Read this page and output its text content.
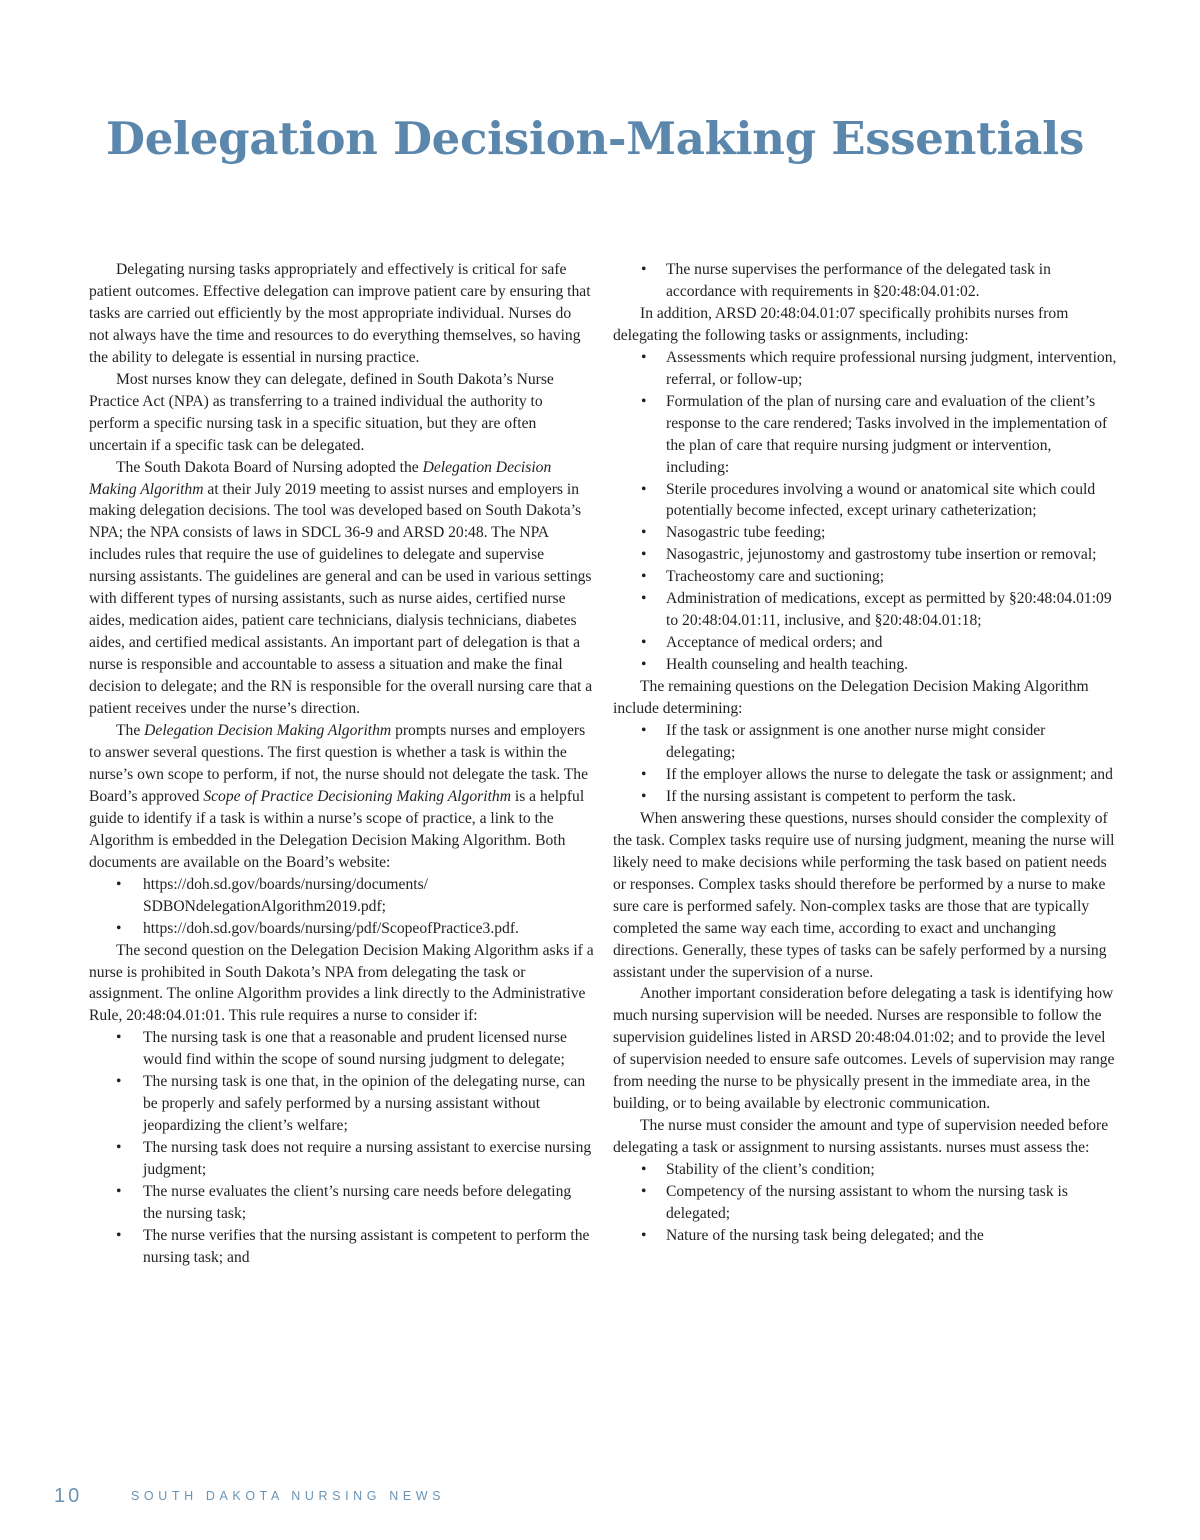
Delegation Decision-Making Essentials

Delegating nursing tasks appropriately and effectively is critical for safe patient outcomes. Effective delegation can improve patient care by ensuring that tasks are carried out efficiently by the most appropriate individual. Nurses do not always have the time and resources to do everything themselves, so having the ability to delegate is essential in nursing practice.

Most nurses know they can delegate, defined in South Dakota’s Nurse Practice Act (NPA) as transferring to a trained individual the authority to perform a specific nursing task in a specific situation, but they are often uncertain if a specific task can be delegated.

The South Dakota Board of Nursing adopted the Delegation Decision Making Algorithm at their July 2019 meeting to assist nurses and employers in making delegation decisions. The tool was developed based on South Dakota’s NPA; the NPA consists of laws in SDCL 36-9 and ARSD 20:48. The NPA includes rules that require the use of guidelines to delegate and supervise nursing assistants. The guidelines are general and can be used in various settings with different types of nursing assistants, such as nurse aides, certified nurse aides, medication aides, patient care technicians, dialysis technicians, diabetes aides, and certified medical assistants. An important part of delegation is that a nurse is responsible and accountable to assess a situation and make the final decision to delegate; and the RN is responsible for the overall nursing care that a patient receives under the nurse’s direction.

The Delegation Decision Making Algorithm prompts nurses and employers to answer several questions. The first question is whether a task is within the nurse’s own scope to perform, if not, the nurse should not delegate the task. The Board’s approved Scope of Practice Decisioning Making Algorithm is a helpful guide to identify if a task is within a nurse’s scope of practice, a link to the Algorithm is embedded in the Delegation Decision Making Algorithm. Both documents are available on the Board’s website:

• https://doh.sd.gov/boards/nursing/documents/ SDBONdelegationAlgorithm2019.pdf;
• https://doh.sd.gov/boards/nursing/pdf/ScopeofPractice3.pdf.

The second question on the Delegation Decision Making Algorithm asks if a nurse is prohibited in South Dakota’s NPA from delegating the task or assignment. The online Algorithm provides a link directly to the Administrative Rule, 20:48:04.01:01. This rule requires a nurse to consider if:

• The nursing task is one that a reasonable and prudent licensed nurse would find within the scope of sound nursing judgment to delegate;
• The nursing task is one that, in the opinion of the delegating nurse, can be properly and safely performed by a nursing assistant without jeopardizing the client’s welfare;
• The nursing task does not require a nursing assistant to exercise nursing judgment;
• The nurse evaluates the client’s nursing care needs before delegating the nursing task;
• The nurse verifies that the nursing assistant is competent to perform the nursing task; and
• The nurse supervises the performance of the delegated task in accordance with requirements in §20:48:04.01:02.

In addition, ARSD 20:48:04.01:07 specifically prohibits nurses from delegating the following tasks or assignments, including:

• Assessments which require professional nursing judgment, intervention, referral, or follow-up;
• Formulation of the plan of nursing care and evaluation of the client’s response to the care rendered; Tasks involved in the implementation of the plan of care that require nursing judgment or intervention, including:
• Sterile procedures involving a wound or anatomical site which could potentially become infected, except urinary catheterization;
• Nasogastric tube feeding;
• Nasogastric, jejunostomy and gastrostomy tube insertion or removal;
• Tracheostomy care and suctioning;
• Administration of medications, except as permitted by §20:48:04.01:09 to 20:48:04.01:11, inclusive, and §20:48:04.01:18;
• Acceptance of medical orders; and
• Health counseling and health teaching.

The remaining questions on the Delegation Decision Making Algorithm include determining:

• If the task or assignment is one another nurse might consider delegating;
• If the employer allows the nurse to delegate the task or assignment; and
• If the nursing assistant is competent to perform the task.

When answering these questions, nurses should consider the complexity of the task. Complex tasks require use of nursing judgment, meaning the nurse will likely need to make decisions while performing the task based on patient needs or responses. Complex tasks should therefore be performed by a nurse to make sure care is performed safely. Non-complex tasks are those that are typically completed the same way each time, according to exact and unchanging directions. Generally, these types of tasks can be safely performed by a nursing assistant under the supervision of a nurse.

Another important consideration before delegating a task is identifying how much nursing supervision will be needed. Nurses are responsible to follow the supervision guidelines listed in ARSD 20:48:04.01:02; and to provide the level of supervision needed to ensure safe outcomes. Levels of supervision may range from needing the nurse to be physically present in the immediate area, in the building, or to being available by electronic communication.

The nurse must consider the amount and type of supervision needed before delegating a task or assignment to nursing assistants. nurses must assess the:

• Stability of the client’s condition;
• Competency of the nursing assistant to whom the nursing task is delegated;
• Nature of the nursing task being delegated; and the
10	SOUTH DAKOTA NURSING NEWS
